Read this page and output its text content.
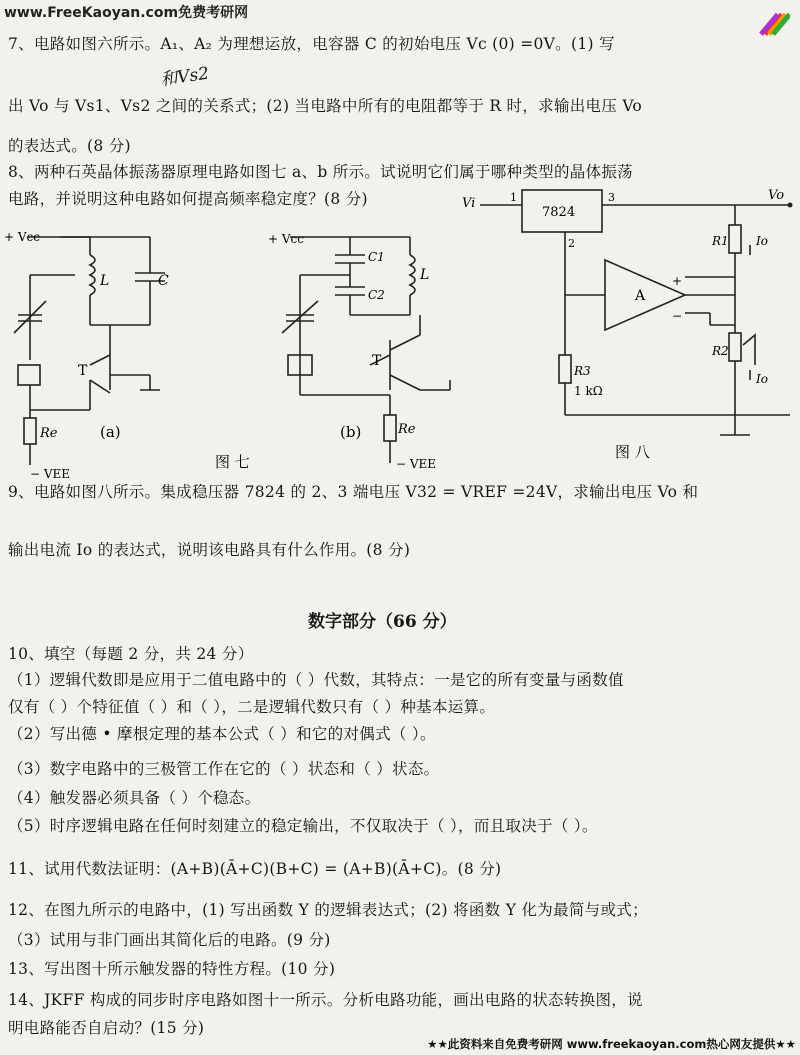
www.FreeKaoyan.com免费考研网
7、电路如图六所示。A₁、A₂ 为理想运放，电容器 C 的初始电压 Vc (0) =0V。(1) 写
和Vs2
出 Vo 与 Vs1、Vs2 之间的关系式；(2) 当电路中所有的电阻都等于 R 时，求输出电压 Vo
的表达式。(8 分)
8、两种石英晶体振荡器原理电路如图七 a、b 所示。试说明它们属于哪种类型的晶体振荡
电路，并说明这种电路如何提高频率稳定度？(8 分)
+ Vcc
L	C
T
Re	(a)
− VEE
+ Vcc
C1
C2
L
T
Re
(b)
− VEE
图 七
Vi
Vo
7824
1	3
2	R1
R2
R3
1 kΩ
Io
Io
A
+
−
图 八
9、电路如图八所示。集成稳压器 7824 的 2、3 端电压 V32 = VREF =24V，求输出电压 Vo 和
输出电流 Io 的表达式，说明该电路具有什么作用。(8 分)
数字部分（66 分）
10、填空（每题 2 分，共 24 分）
（1）逻辑代数即是应用于二值电路中的（ ）代数，其特点：一是它的所有变量与函数值
仅有（ ）个特征值（ ）和（ ），二是逻辑代数只有（ ）种基本运算。
（2）写出德 • 摩根定理的基本公式（ ）和它的对偶式（ ）。
（3）数字电路中的三极管工作在它的（ ）状态和（ ）状态。
（4）触发器必须具备（ ）个稳态。
（5）时序逻辑电路在任何时刻建立的稳定输出，不仅取决于（ ），而且取决于（ ）。
11、试用代数法证明：(A+B)(Ā+C)(B+C) = (A+B)(Ā+C)。(8 分)
12、在图九所示的电路中，(1) 写出函数 Y 的逻辑表达式；(2) 将函数 Y 化为最简与或式；
（3）试用与非门画出其简化后的电路。(9 分)
13、写出图十所示触发器的特性方程。(10 分)
14、JKFF 构成的同步时序电路如图十一所示。分析电路功能，画出电路的状态转换图，说
明电路能否自启动？(15 分)
★★此资料来自免费考研网 www.freekaoyan.com热心网友提供★★
